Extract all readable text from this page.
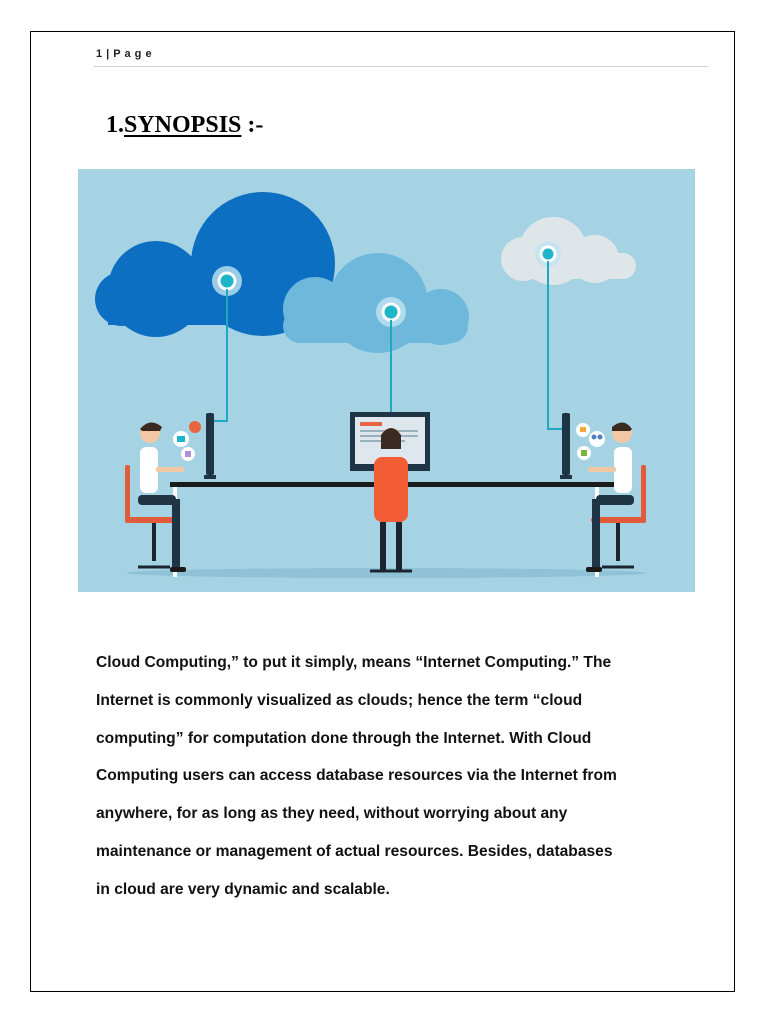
1 | P a g e
1.SYNOPSIS :-
Cloud Computing,” to put it simply, means “Internet Computing.” The
Internet is commonly visualized as clouds; hence the term “cloud
computing” for computation done through the Internet. With Cloud
Computing users can access database resources via the Internet from
anywhere, for as long as they need, without worrying about any
maintenance or management of actual resources. Besides, databases
in cloud are very dynamic and scalable.
